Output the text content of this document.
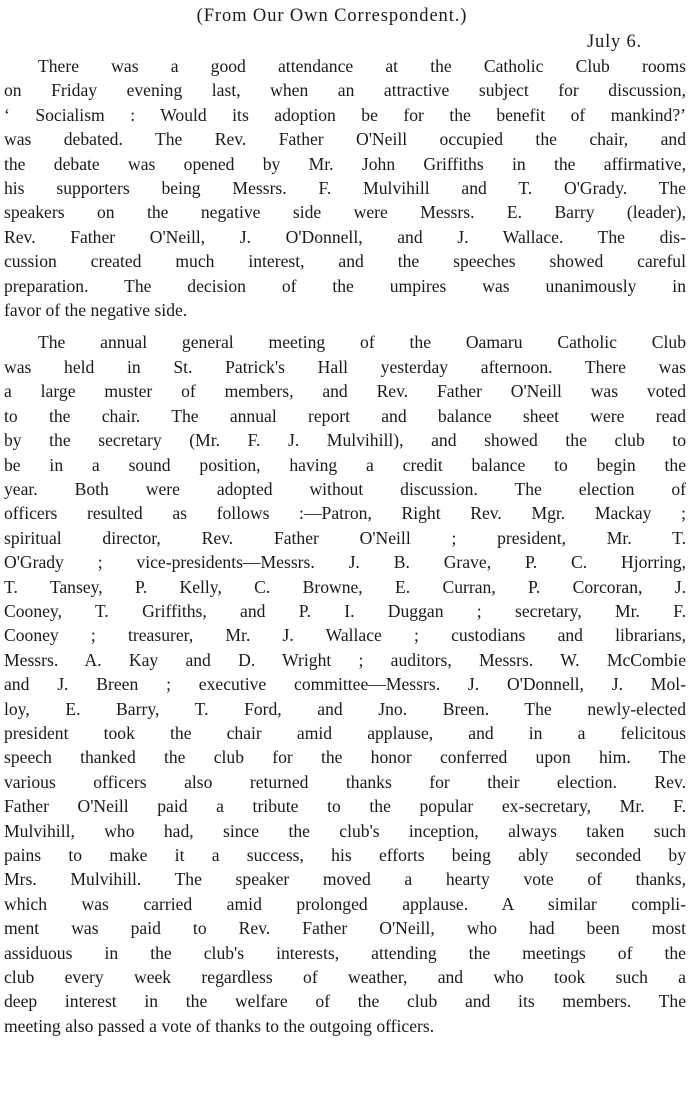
(From Our Own Correspondent.)

July 6.

There was a good attendance at the Catholic Club rooms
on Friday evening last, when an attractive subject for discussion,
‘ Socialism : Would its adoption be for the benefit of mankind?’
was debated. The Rev. Father O'Neill occupied the chair, and
the debate was opened by Mr. John Griffiths in the affirmative,
his supporters being Messrs. F. Mulvihill and T. O'Grady. The
speakers on the negative side were Messrs. E. Barry (leader),
Rev. Father O'Neill, J. O'Donnell, and J. Wallace. The dis-
cussion created much interest, and the speeches showed careful
preparation. The decision of the umpires was unanimously in
favor of the negative side.

The annual general meeting of the Oamaru Catholic Club
was held in St. Patrick's Hall yesterday afternoon. There was
a large muster of members, and Rev. Father O'Neill was voted
to the chair. The annual report and balance sheet were read
by the secretary (Mr. F. J. Mulvihill), and showed the club to
be in a sound position, having a credit balance to begin the
year. Both were adopted without discussion. The election of
officers resulted as follows :—Patron, Right Rev. Mgr. Mackay ;
spiritual director, Rev. Father O'Neill ; president, Mr. T.
O'Grady ; vice-presidents—Messrs. J. B. Grave, P. C. Hjorring,
T. Tansey, P. Kelly, C. Browne, E. Curran, P. Corcoran, J.
Cooney, T. Griffiths, and P. I. Duggan ; secretary, Mr. F.
Cooney ; treasurer, Mr. J. Wallace ; custodians and librarians,
Messrs. A. Kay and D. Wright ; auditors, Messrs. W. McCombie
and J. Breen ; executive committee—Messrs. J. O'Donnell, J. Mol-
loy, E. Barry, T. Ford, and Jno. Breen. The newly-elected
president took the chair amid applause, and in a felicitous
speech thanked the club for the honor conferred upon him. The
various officers also returned thanks for their election. Rev.
Father O'Neill paid a tribute to the popular ex-secretary, Mr. F.
Mulvihill, who had, since the club's inception, always taken such
pains to make it a success, his efforts being ably seconded by
Mrs. Mulvihill. The speaker moved a hearty vote of thanks,
which was carried amid prolonged applause. A similar compli-
ment was paid to Rev. Father O'Neill, who had been most
assiduous in the club's interests, attending the meetings of the
club every week regardless of weather, and who took such a
deep interest in the welfare of the club and its members. The
meeting also passed a vote of thanks to the outgoing officers.
